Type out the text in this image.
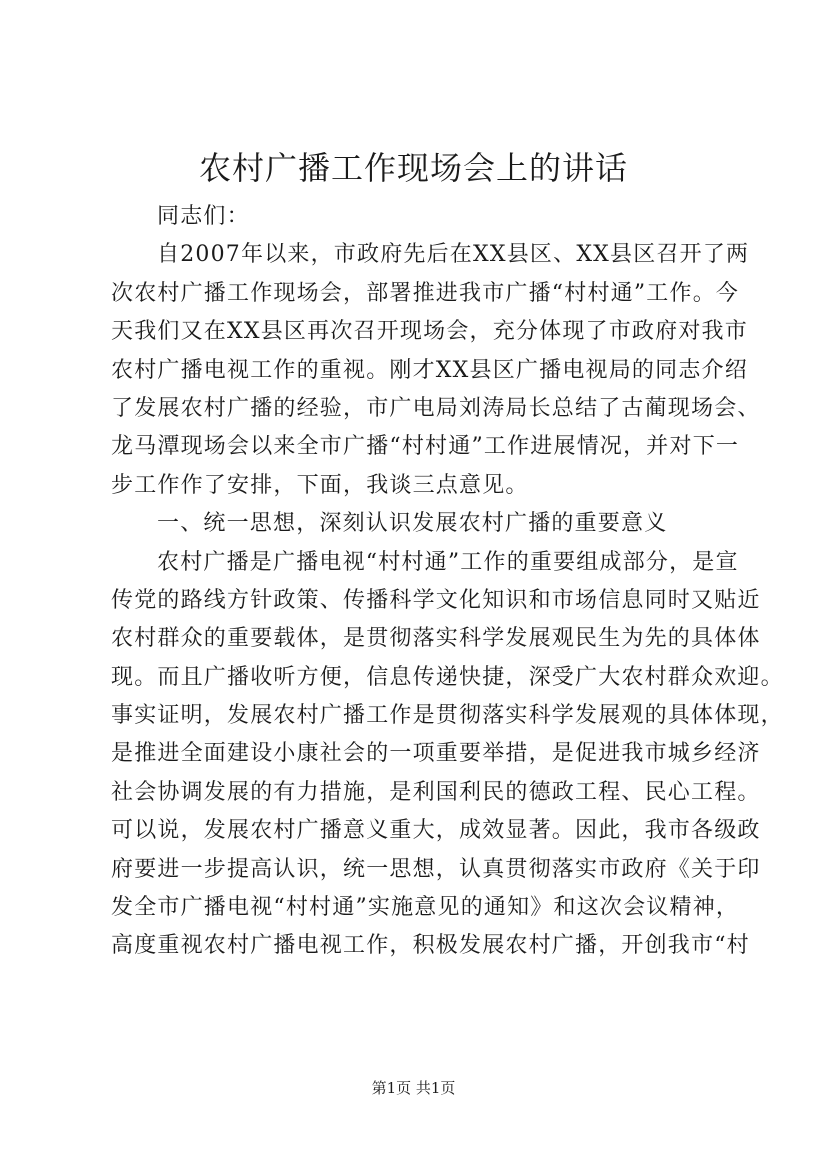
农村广播工作现场会上的讲话
同志们：
自2007年以来，市政府先后在XX县区、XX县区召开了两
次农村广播工作现场会，部署推进我市广播“村村通”工作。今
天我们又在XX县区再次召开现场会，充分体现了市政府对我市
农村广播电视工作的重视。刚才XX县区广播电视局的同志介绍
了发展农村广播的经验，市广电局刘涛局长总结了古蔺现场会、
龙马潭现场会以来全市广播“村村通”工作进展情况，并对下一
步工作作了安排，下面，我谈三点意见。
一、统一思想，深刻认识发展农村广播的重要意义
农村广播是广播电视“村村通”工作的重要组成部分，是宣
传党的路线方针政策、传播科学文化知识和市场信息同时又贴近
农村群众的重要载体，是贯彻落实科学发展观民生为先的具体体
现。而且广播收听方便，信息传递快捷，深受广大农村群众欢迎。
事实证明，发展农村广播工作是贯彻落实科学发展观的具体体现，
是推进全面建设小康社会的一项重要举措，是促进我市城乡经济
社会协调发展的有力措施，是利国利民的德政工程、民心工程。
可以说，发展农村广播意义重大，成效显著。因此，我市各级政
府要进一步提高认识，统一思想，认真贯彻落实市政府《关于印
发全市广播电视“村村通”实施意见的通知》和这次会议精神，
高度重视农村广播电视工作，积极发展农村广播，开创我市“村
第1页 共1页
